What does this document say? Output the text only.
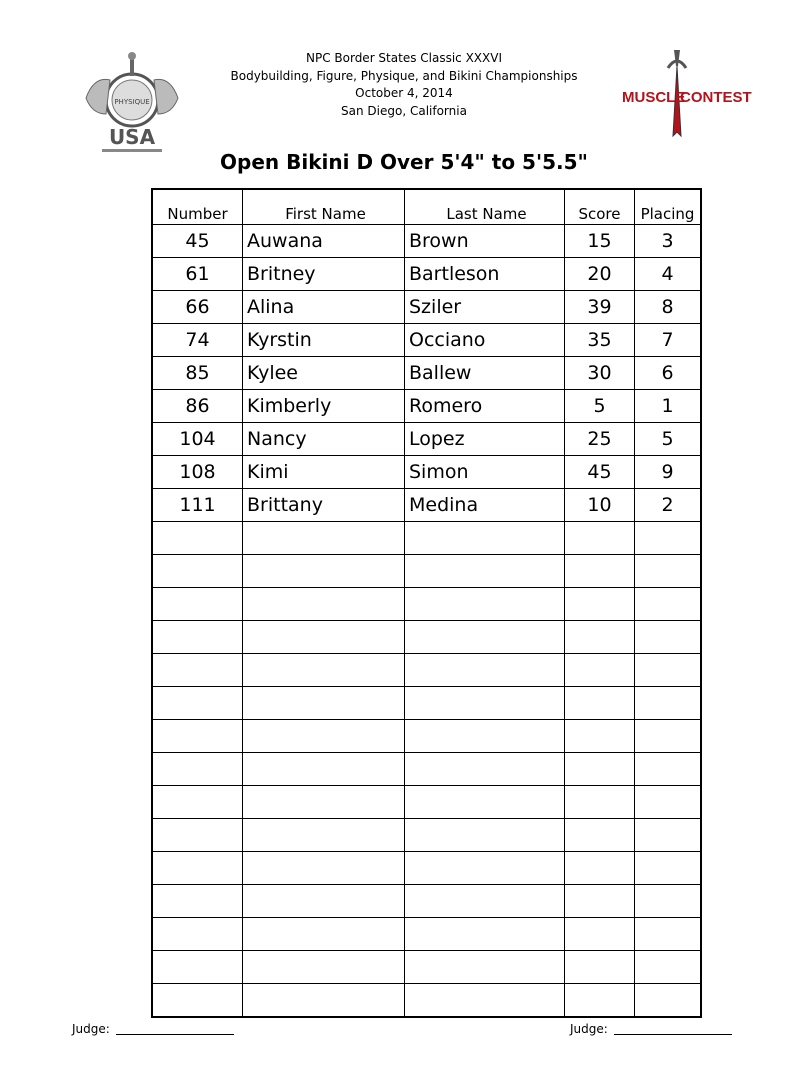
NPC Border States Classic XXXVI
Bodybuilding, Figure, Physique, and Bikini Championships
October 4, 2014
San Diego, California
PHYSIQUE
USA
MUSCLE
CONTEST
Open Bikini D Over 5'4" to 5'5.5"
Number	First Name	Last Name	Score	Placing
45	Auwana	Brown	15	3
61	Britney	Bartleson	20	4
66	Alina	Sziler	39	8
74	Kyrstin	Occiano	35	7
85	Kylee	Ballew	30	6
86	Kimberly	Romero	5	1
104	Nancy	Lopez	25	5
108	Kimi	Simon	45	9
111	Brittany	Medina	10	2

Judge:	Judge:
